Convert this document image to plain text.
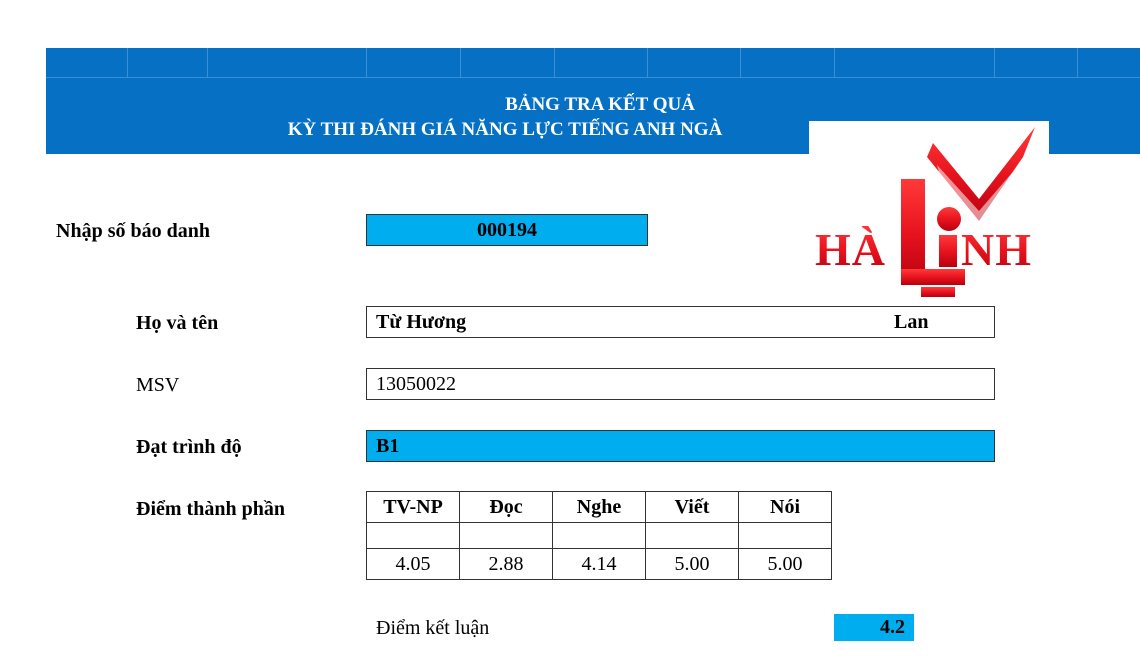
BẢNG TRA KẾT QUẢ
KỲ THI ĐÁNH GIÁ NĂNG LỰC TIẾNG ANH NGÀ
HÀ NH
Nhập số báo danh	000194
Họ và tên	Từ Hương	Lan
MSV	13050022
Đạt trình độ	B1
Điểm thành phần	TV-NP	Đọc	Nghe	Viết	Nói

4.05	2.88	4.14	5.00	5.00
Điểm kết luận	4.2
